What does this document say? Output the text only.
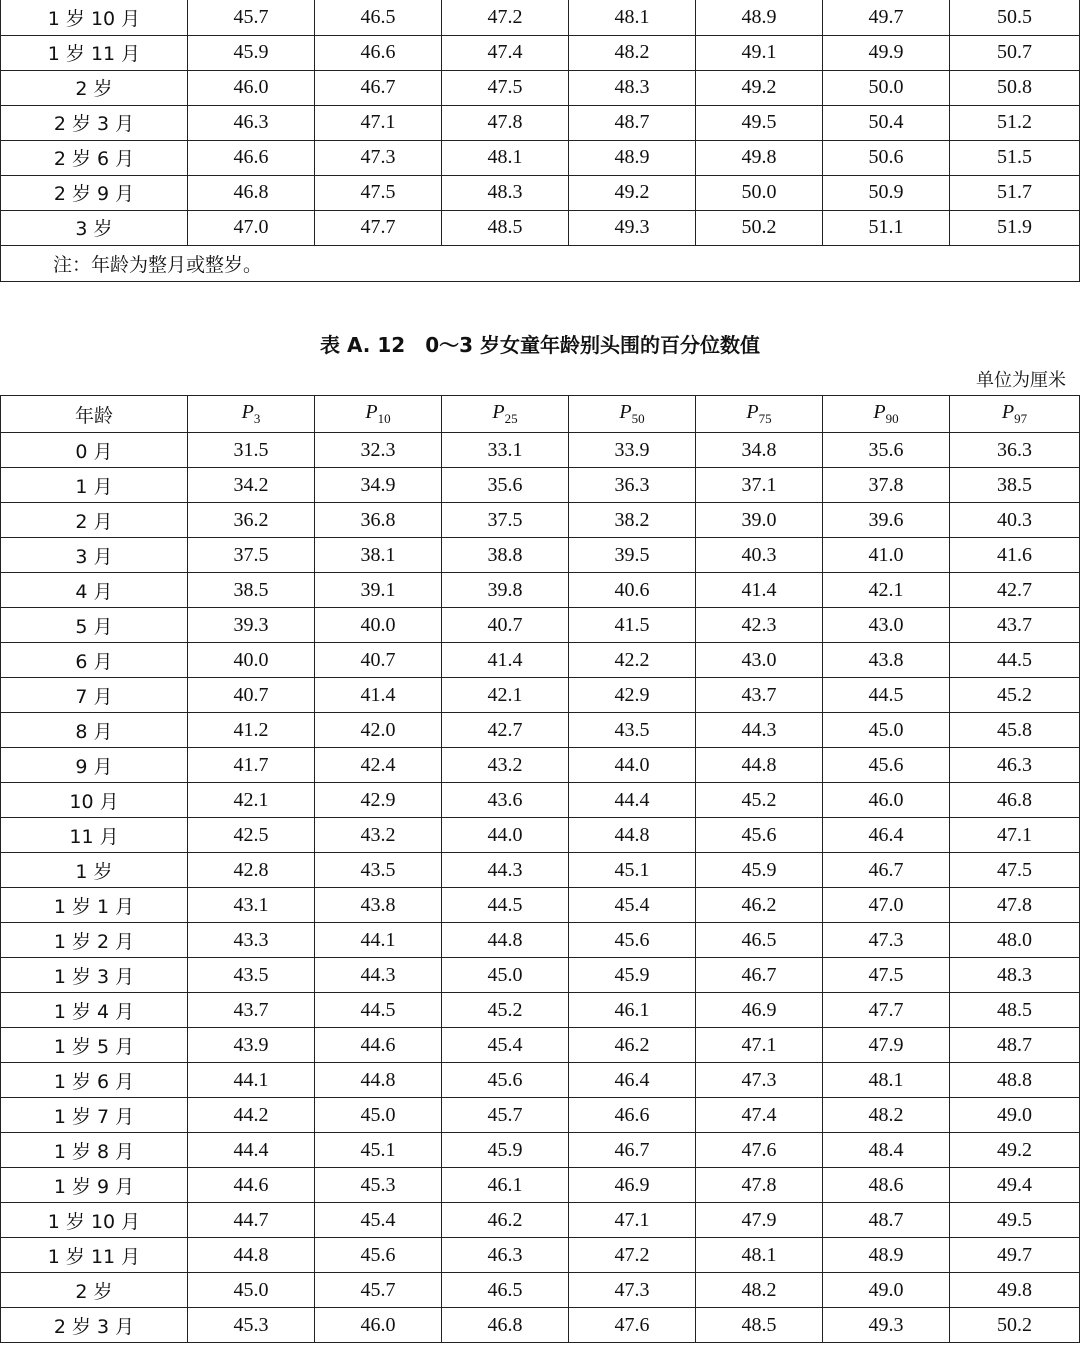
1 岁 10 月	45.7	46.5	47.2	48.1	48.9	49.7	50.5
1 岁 11 月	45.9	46.6	47.4	48.2	49.1	49.9	50.7
2 岁	46.0	46.7	47.5	48.3	49.2	50.0	50.8
2 岁 3 月	46.3	47.1	47.8	48.7	49.5	50.4	51.2
2 岁 6 月	46.6	47.3	48.1	48.9	49.8	50.6	51.5
2 岁 9 月	46.8	47.5	48.3	49.2	50.0	50.9	51.7
3 岁	47.0	47.7	48.5	49.3	50.2	51.1	51.9
注：年龄为整月或整岁。							
表 A. 12　0～3 岁女童年龄别头围的百分位数值
单位为厘米
年龄	$P_3$	$P_{10}$	$P_{25}$	$P_{50}$	$P_{75}$	$P_{90}$	$P_{97}$
0 月	31.5	32.3	33.1	33.9	34.8	35.6	36.3
1 月	34.2	34.9	35.6	36.3	37.1	37.8	38.5
2 月	36.2	36.8	37.5	38.2	39.0	39.6	40.3
3 月	37.5	38.1	38.8	39.5	40.3	41.0	41.6
4 月	38.5	39.1	39.8	40.6	41.4	42.1	42.7
5 月	39.3	40.0	40.7	41.5	42.3	43.0	43.7
6 月	40.0	40.7	41.4	42.2	43.0	43.8	44.5
7 月	40.7	41.4	42.1	42.9	43.7	44.5	45.2
8 月	41.2	42.0	42.7	43.5	44.3	45.0	45.8
9 月	41.7	42.4	43.2	44.0	44.8	45.6	46.3
10 月	42.1	42.9	43.6	44.4	45.2	46.0	46.8
11 月	42.5	43.2	44.0	44.8	45.6	46.4	47.1
1 岁	42.8	43.5	44.3	45.1	45.9	46.7	47.5
1 岁 1 月	43.1	43.8	44.5	45.4	46.2	47.0	47.8
1 岁 2 月	43.3	44.1	44.8	45.6	46.5	47.3	48.0
1 岁 3 月	43.5	44.3	45.0	45.9	46.7	47.5	48.3
1 岁 4 月	43.7	44.5	45.2	46.1	46.9	47.7	48.5
1 岁 5 月	43.9	44.6	45.4	46.2	47.1	47.9	48.7
1 岁 6 月	44.1	44.8	45.6	46.4	47.3	48.1	48.8
1 岁 7 月	44.2	45.0	45.7	46.6	47.4	48.2	49.0
1 岁 8 月	44.4	45.1	45.9	46.7	47.6	48.4	49.2
1 岁 9 月	44.6	45.3	46.1	46.9	47.8	48.6	49.4
1 岁 10 月	44.7	45.4	46.2	47.1	47.9	48.7	49.5
1 岁 11 月	44.8	45.6	46.3	47.2	48.1	48.9	49.7
2 岁	45.0	45.7	46.5	47.3	48.2	49.0	49.8
2 岁 3 月	45.3	46.0	46.8	47.6	48.5	49.3	50.2
